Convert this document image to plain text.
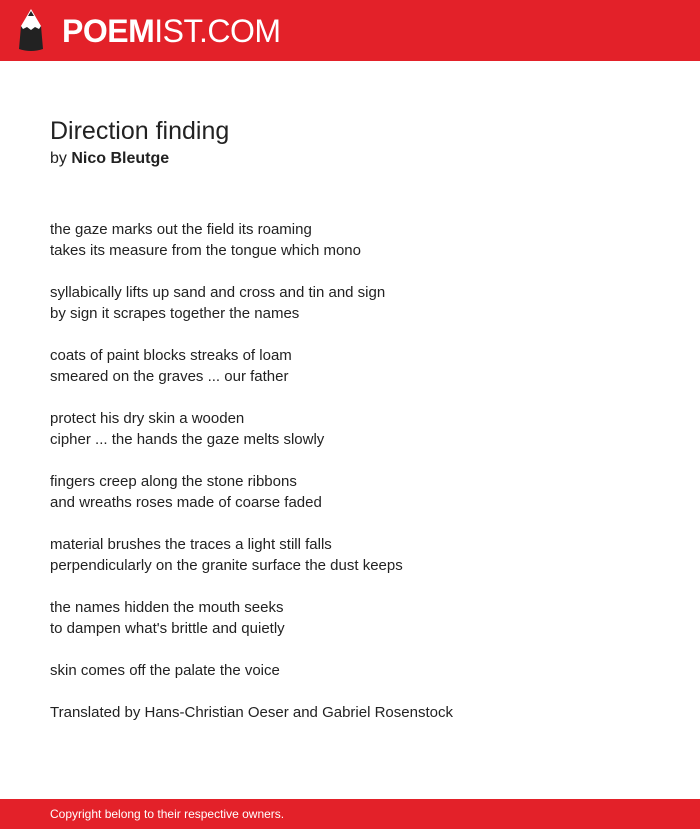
POEMIST.COM
Direction finding
by Nico Bleutge

the gaze marks out the field its roaming
takes its measure from the tongue which mono

syllabically lifts up sand and cross and tin and sign
by sign it scrapes together the names

coats of paint blocks streaks of loam
smeared on the graves ... our father

protect his dry skin a wooden
cipher ... the hands the gaze melts slowly

fingers creep along the stone ribbons
and wreaths roses made of coarse faded

material brushes the traces a light still falls
perpendicularly on the granite surface the dust keeps

the names hidden the mouth seeks
to dampen what's brittle and quietly

skin comes off the palate the voice

Translated by Hans-Christian Oeser and Gabriel Rosenstock

Copyright belong to their respective owners.
